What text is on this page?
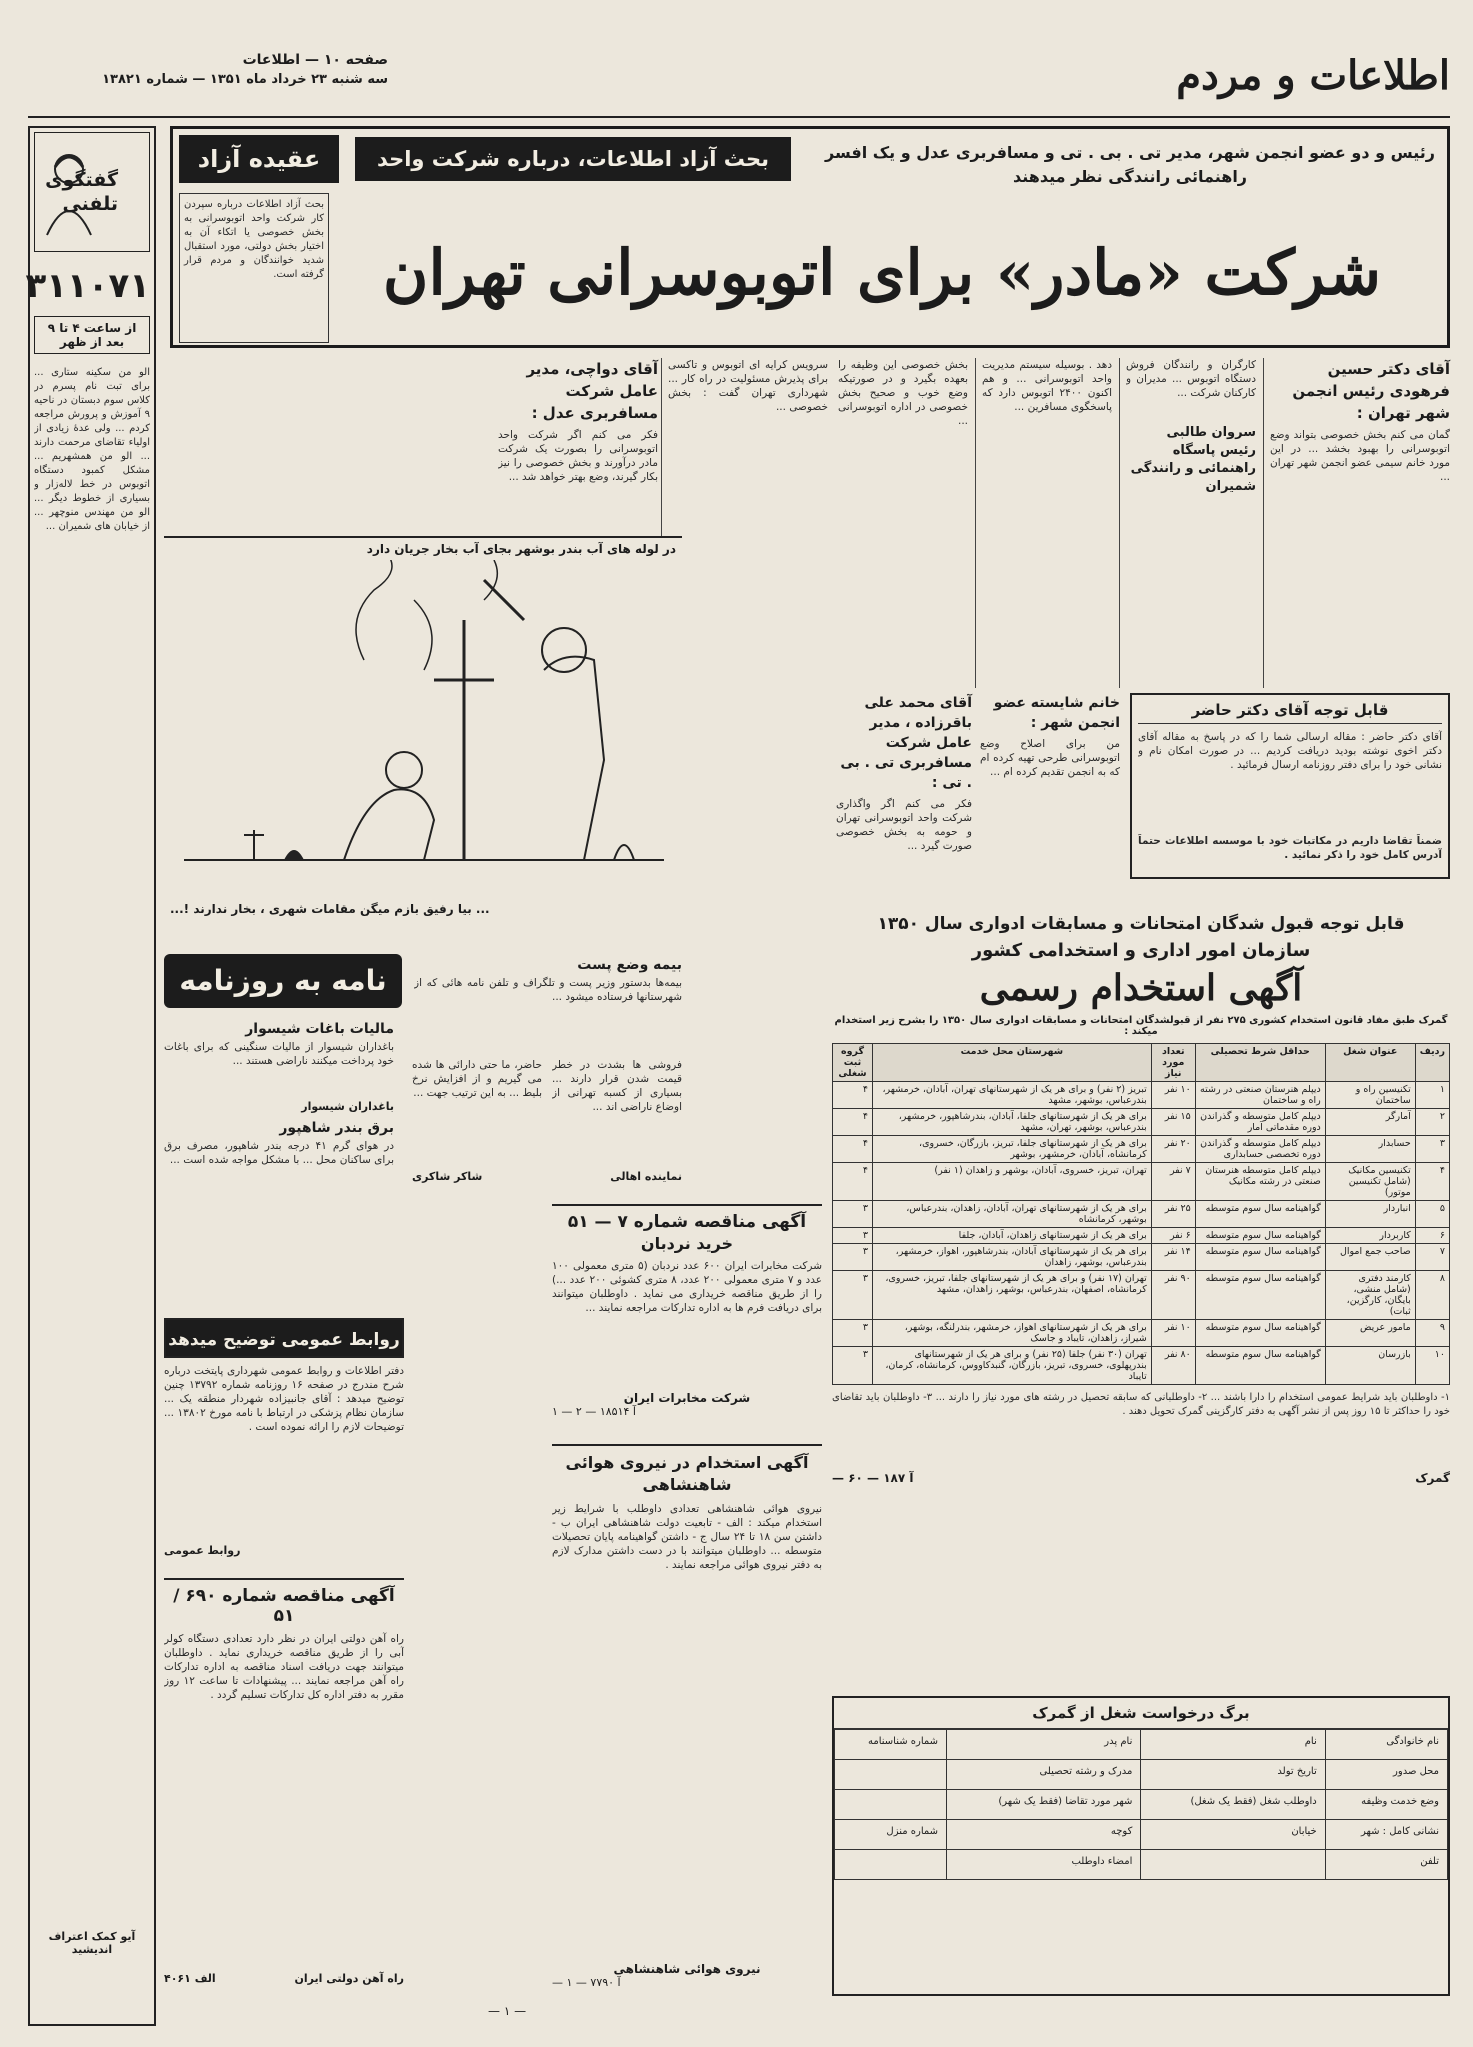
اطلاعات و مردم
صفحه ۱۰ — اطلاعات
سه شنبه ۲۳ خرداد ماه ۱۳۵۱ — شماره ۱۳۸۲۱
گفتگوی تلفنی
۳۱۱۰۷۱
از ساعت ۴ تا ۹ بعد از ظهر
الو من سکینه ستاری ... برای تبت نام پسرم در کلاس سوم دبستان در ناحیه ۹ آموزش و پرورش مراجعه کردم ... ولی عدۀ زیادی از اولیاء تقاضای مرحمت دارند ... الو من همشهریم ... مشکل کمبود دستگاه اتوبوس در خط لاله‌زار و بسیاری از خطوط دیگر ... الو من مهندس منوچهر ... از خیابان های شمیران ...
آیو کمک اعتراف اندیشید
عقیده آزاد	بحث آزاد اطلاعات، درباره شرکت واحد	رئیس و دو عضو انجمن شهر، مدیر تی . بی . تی و مسافربری عدل و یک افسر راهنمائی رانندگی نظر میدهند
بحث آزاد اطلاعات درباره سپردن کار شرکت واحد اتوبوسرانی به بخش خصوصی یا اتکاء آن به اختیار بخش دولتی، مورد استقبال شدید خوانندگان و مردم قرار گرفته است. شرکت «مادر» برای اتوبوسرانی تهران
آقای دکتر حسین فرهودی رئیس انجمن شهر تهران :
گمان می کنم بخش خصوصی بتواند وضع اتوبوسرانی را بهبود بخشد ... در این مورد خانم سیمی عضو انجمن شهر تهران ...
کارگران و رانندگان فروش دستگاه اتوبوس ... مدیران و کارکنان شرکت ...
سروان طالبی رئیس پاسگاه راهنمائی و رانندگی شمیران
دهد . بوسیله سیستم مدیریت واحد اتوبوسرانی ... و هم اکنون ۲۴۰۰ اتوبوس دارد که پاسخگوی مسافرین ...
بخش خصوصی این وظیفه را بعهده بگیرد و در صورتیکه وضع خوب و صحیح بخش خصوصی در اداره اتوبوسرانی ...
آقای دواچی، مدیر عامل شرکت مسافربری عدل :
فکر می کنم اگر شرکت واحد اتوبوسرانی را بصورت یک شرکت مادر درآورند و بخش خصوصی را نیز بکار گیرند، وضع بهتر خواهد شد ...
سرویس کرایه ای اتوبوس و تاکسی برای پذیرش مسئولیت در راه کار ... شهرداری تهران گفت : بخش خصوصی ...
قابل توجه آقای دکتر حاضر
آقای دکتر حاضر : مقاله ارسالی شما را که در پاسخ به مقاله آقای دکتر اخوی نوشته بودید دریافت کردیم ... در صورت امکان نام و نشانی خود را برای دفتر روزنامه ارسال فرمائید .
ضمناً تقاضا داریم در مکاتبات خود با موسسه اطلاعات حتماً آدرس کامل خود را ذکر نمائید .
خانم شایسته عضو انجمن شهر :
من برای اصلاح وضع اتوبوسرانی طرحی تهیه کرده ام که به انجمن تقدیم کرده ام ...
آقای محمد علی باقرزاده ، مدیر عامل شرکت مسافربری تی . بی . تی :
فکر می کنم اگر واگذاری شرکت واحد اتوبوسرانی تهران و حومه به بخش خصوصی صورت گیرد ...
در لوله های آب بندر بوشهر بجای آب بخار جریان دارد
... بیا رفیق بازم میگن مقامات شهری ، بخار ندارند !...
قابل توجه قبول شدگان امتحانات و مسابقات ادواری سال ۱۳۵۰
سازمان امور اداری و استخدامی کشور
آگهی استخدام رسمی
گمرک طبق مفاد قانون استخدام کشوری ۲۷۵ نفر از قبولشدگان امتحانات و مسابقات ادواری سال ۱۳۵۰ را بشرح زیر استخدام میکند :
ردیف	عنوان شغل	حداقل شرط تحصیلی	تعداد مورد نیاز	شهرستان محل خدمت	گروه ثبت شغلی
۱	تکنیسین راه و ساختمان	دیپلم هنرستان صنعتی در رشته راه و ساختمان	۱۰ نفر	تبریز (۲ نفر) و برای هر یک از شهرستانهای تهران، آبادان، خرمشهر، بندرعباس، بوشهر، مشهد	۴
۲	آمارگر	دیپلم کامل متوسطه و گذراندن دوره مقدماتی آمار	۱۵ نفر	برای هر یک از شهرستانهای جلفا، آبادان، بندرشاهپور، خرمشهر، بندرعباس، بوشهر، تهران، مشهد	۴
۳	حسابدار	دیپلم کامل متوسطه و گذراندن دوره تخصصی حسابداری	۲۰ نفر	برای هر یک از شهرستانهای جلفا، تبریز، بازرگان، خسروی، کرمانشاه، آبادان، خرمشهر، بوشهر	۴
۴	تکنیسین مکانیک (شامل تکنیسین موتور)	دیپلم کامل متوسطه هنرستان صنعتی در رشته مکانیک	۷ نفر	تهران، تبریز، خسروی، آبادان، بوشهر و زاهدان (۱ نفر)	۴
۵	انباردار	گواهینامه سال سوم متوسطه	۲۵ نفر	برای هر یک از شهرستانهای تهران، آبادان، زاهدان، بندرعباس، بوشهر، کرمانشاه	۳
۶	کاربردار	گواهینامه سال سوم متوسطه	۶ نفر	برای هر یک از شهرستانهای زاهدان، آبادان، جلفا	۳
۷	صاحب جمع اموال	گواهینامه سال سوم متوسطه	۱۴ نفر	برای هر یک از شهرستانهای آبادان، بندرشاهپور، اهواز، خرمشهر، بندرعباس، بوشهر، زاهدان	۳
۸	کارمند دفتری (شامل منشی، بایگان، کارگزین، ثبات)	گواهینامه سال سوم متوسطه	۹۰ نفر	تهران (۱۷ نفر) و برای هر یک از شهرستانهای جلفا، تبریز، خسروی، کرمانشاه، اصفهان، بندرعباس، بوشهر، زاهدان، مشهد	۳
۹	مامور عریض	گواهینامه سال سوم متوسطه	۱۰ نفر	برای هر یک از شهرستانهای اهواز، خرمشهر، بندرلنگه، بوشهر، شیراز، زاهدان، تایباد و جاسک	۳
۱۰	بازرسان	گواهینامه سال سوم متوسطه	۸۰ نفر	تهران (۳۰ نفر) جلفا (۲۵ نفر) و برای هر یک از شهرستانهای بندرپهلوی، خسروی، تبریز، بازرگان، گنبدکاووس، کرمانشاه، کرمان، تایباد	۳
۱- داوطلبان باید شرایط عمومی استخدام را دارا باشند ... ۲- داوطلبانی که سابقه تحصیل در رشته های مورد نیاز را دارند ... ۳- داوطلبان باید تقاضای خود را حداکثر تا ۱۵ روز پس از نشر آگهی به دفتر کارگزینی گمرک تحویل دهند .
گمرک
آ ۱۸۷ — ۶۰ —
برگ درخواست شغل از گمرک
نام خانوادگی	نام	نام پدر	شماره شناسنامه
محل صدور	تاریخ تولد	مدرک و رشته تحصیلی	
وضع خدمت وظیفه	داوطلب شغل (فقط یک شغل)	شهر مورد تقاضا (فقط یک شهر)	
نشانی کامل : شهر	خیابان	کوچه	شماره منزل
تلفن		امضاء داوطلب	
نامه به روزنامه	بیمه وضع پست
بیمه‌ها بدستور وزیر پست و تلگراف و تلفن نامه هائی که از شهرستانها فرستاده میشود ...
فروشی ها بشدت در خطر قیمت شدن قرار دارند ... بسیاری از کسبه تهرانی از اوضاع ناراضی اند ...
حاضر، ما حتی دارائی ها شده می گیریم و از افزایش نرخ بلیط ... به این ترتیب جهت ...
مالیات باغات شیسوار
باغداران شیسوار از مالیات سنگینی که برای باغات خود پرداخت میکنند ناراضی هستند ...
باغداران شیسوار
برق بندر شاهپور
در هوای گرم ۴۱ درجه بندر شاهپور، مصرف برق برای ساکنان محل ... با مشکل مواجه شده است ...
نماینده اهالی
شاکر شاکری
آگهی مناقصه شماره ۷ — ۵۱
خرید نردبان
شرکت مخابرات ایران ۶۰۰ عدد نردبان (۵ متری معمولی ۱۰۰ عدد و ۷ متری معمولی ۲۰۰ عدد، ۸ متری کشوئی ۲۰۰ عدد ...) را از طریق مناقصه خریداری می نماید . داوطلبان میتوانند برای دریافت فرم ها به اداره تدارکات مراجعه نمایند ...
شرکت مخابرات ایران
آ ۱۸۵۱۴ — ۲ — ۱
روابط عمومی توضیح میدهد
دفتر اطلاعات و روابط عمومی شهرداری پایتخت درباره شرح مندرج در صفحه ۱۶ روزنامه شماره ۱۳۷۹۲ چنین توضیح میدهد : آقای جانبیزاده شهردار منطقه یک ... سازمان نظام پزشکی در ارتباط با نامه مورخ ۱۳۸۰۲ ... توضیحات لازم را ارائه نموده است .
روابط عمومی
آگهی استخدام در نیروی هوائی شاهنشاهی
نیروی هوائی شاهنشاهی تعدادی داوطلب با شرایط زیر استخدام میکند : الف - تابعیت دولت شاهنشاهی ایران ب - داشتن سن ۱۸ تا ۲۴ سال ج - داشتن گواهینامه پایان تحصیلات متوسطه ... داوطلبان میتوانند با در دست داشتن مدارک لازم به دفتر نیروی هوائی مراجعه نمایند .
نیروی هوائی شاهنشاهی
آ ۷۷۹۰ — ۱ —
آگهی مناقصه شماره ۶۹۰ / ۵۱
راه آهن دولتی ایران در نظر دارد تعدادی دستگاه کولر آبی را از طریق مناقصه خریداری نماید . داوطلبان میتوانند جهت دریافت اسناد مناقصه به اداره تدارکات راه آهن مراجعه نمایند ... پیشنهادات تا ساعت ۱۲ روز مقرر به دفتر اداره کل تدارکات تسلیم گردد .
راه آهن دولتی ایران
الف ۴۰۶۱
— ۱ —
